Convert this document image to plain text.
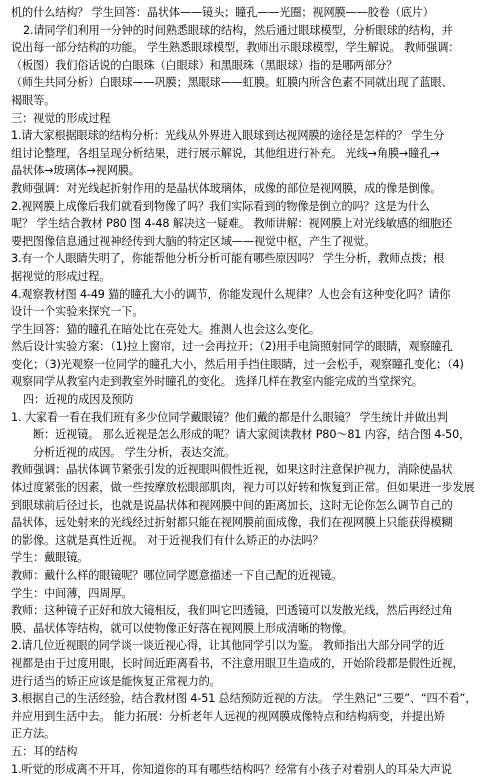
机的什么结构？ 学生回答：晶状体——镜头；瞳孔——光圈；视网膜——胶卷（底片）
2.请同学们利用一分钟的时间熟悉眼球的结构，然后通过眼球模型，分析眼球的结构，并
说出每一部分结构的功能。 学生熟悉眼球模型，教师出示眼球模型，学生解说。 教师强调：
（板图）我们俗话说的白眼珠（白眼球）和黑眼珠（黑眼球）指的是哪两部分？
（师生共同分析）白眼球——巩膜；黑眼球——虹膜。虹膜内所含色素不同就出现了蓝眼、
褐眼等。
三：视觉的形成过程
1.请大家根据眼球的结构分析：光线从外界进入眼球到达视网膜的途径是怎样的？ 学生分
组讨论整理，各组呈现分析结果，进行展示解说，其他组进行补充。 光线→角膜→瞳孔→
晶状体→玻璃体→视网膜。
教师强调：对光线起折射作用的是晶状体玻璃体，成像的部位是视网膜，成的像是倒像。
2.视网膜上成像后我们就看到物像了吗？我们实际看到的物像是倒立的吗？这是为什么
呢？ 学生结合教材 P80 图 4-48 解决这一疑难。 教师讲解：视网膜上对光线敏感的细胞还
要把图像信息通过视神经传到大脑的特定区域——视觉中枢，产生了视觉。
3.有一个人眼睛失明了，你能帮他分析分析可能有哪些原因吗？ 学生分析，教师点拨；根
据视觉的形成过程。
4.观察教材图 4-49 猫的瞳孔大小的调节，你能发现什么规律？人也会有这种变化吗？请你
设计一个实验来探究一下。
学生回答：猫的瞳孔在暗处比在亮处大。推测人也会这么变化。
然后设计实验方案：（1)拉上窗帘，过一会再拉开；（2)用手电筒照射同学的眼睛，观察瞳孔
变化；（3)光观察一位同学的瞳孔大小，然后用手挡住眼睛，过一会松手，观察瞳孔变化；（4)
观察同学从教室内走到教室外时瞳孔的变化。 选择几样在教室内能完成的当堂探究。
四：近视的成因及预防
1. 大家看一看在我们班有多少位同学戴眼镜？他们戴的都是什么眼镜？ 学生统计并做出判
断：近视镜。 那么近视是怎么形成的呢？请大家阅读教材 P80～81 内容，结合图 4-50，
分析近视的成因。 学生分析，表达交流。
教师强调：晶状体调节紧张引发的近视眼叫假性近视，如果这时注意保护视力，消除使晶状
体过度紧张的因素，做一些按摩放松眼部肌肉，视力可以好转和恢复到正常。但如果进一步发展
到眼球前后径过长，也就是说晶状体和视网膜中间的距离加长，这时无论你怎么调节自己的
晶状体，远处射来的光线经过折射都只能在视网膜前面成像，我们在视网膜上只能获得模糊
的影像。这就是真性近视。 对于近视我们有什么矫正的办法吗？
学生：戴眼镜。
教师：戴什么样的眼镜呢？哪位同学愿意描述一下自己配的近视镜。
学生：中间薄，四周厚。
教师：这种镜子正好和放大镜相反，我们叫它凹透镜，凹透镜可以发散光线，然后再经过角
膜、晶状体等结构，就可以使物像正好落在视网膜上形成清晰的物像。
2.请几位近视眼的同学谈一谈近视心得，让其他同学引以为鉴。 教师指出大部分同学的近
视都是由于过度用眼，长时间近距离看书，不注意用眼卫生造成的，开始阶段都是假性近视，
进行适当的矫正应该是能恢复正常视力的。
3.根据自己的生活经验，结合教材图 4-51 总结预防近视的方法。 学生熟记“三要”、“四不看”，
并应用到生活中去。 能力拓展：分析老年人远视的视网膜成像特点和结构病变，并提出矫
正方法。
五：耳的结构
1.听觉的形成离不开耳，你知道你的耳有哪些结构吗？经常有小孩子对着别人的耳朵大声说
